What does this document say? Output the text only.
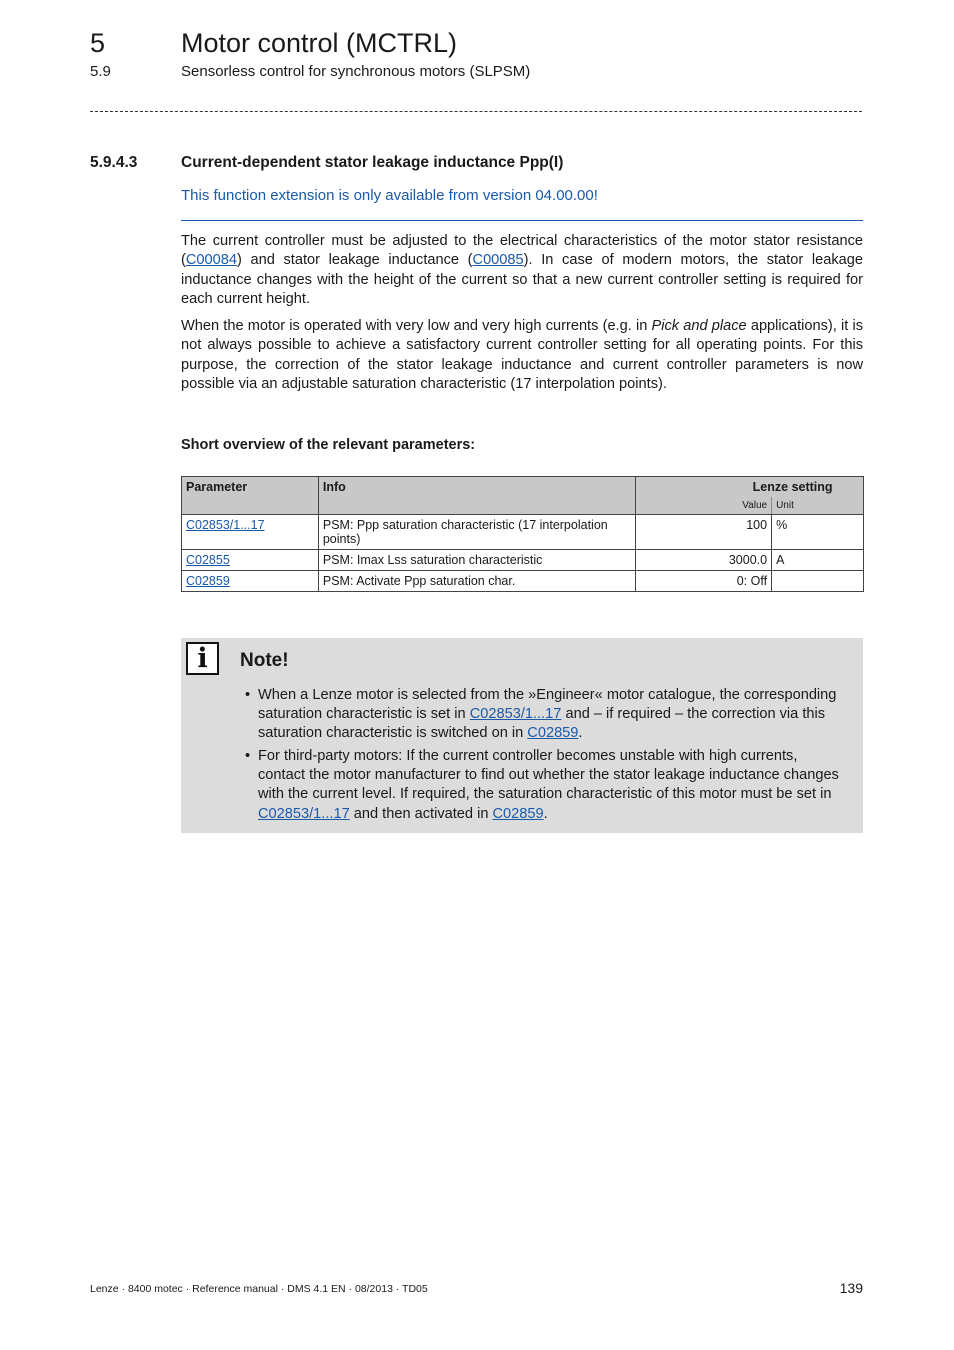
5	Motor control (MCTRL)
5.9	Sensorless control for synchronous motors (SLPSM)
5.9.4.3	Current-dependent stator leakage inductance Ppp(I)
This function extension is only available from version 04.00.00!
The current controller must be adjusted to the electrical characteristics of the motor stator resistance (C00084) and stator leakage inductance (C00085). In case of modern motors, the stator leakage inductance changes with the height of the current so that a new current controller setting is required for each current height.
When the motor is operated with very low and very high currents (e.g. in Pick and place applications), it is not always possible to achieve a satisfactory current controller setting for all operating points. For this purpose, the correction of the stator leakage inductance and current controller parameters is now possible via an adjustable saturation characteristic (17 interpolation points).
Short overview of the relevant parameters:
Parameter	Info	Lenze setting	
		Value	Unit
C02853/1...17	PSM: Ppp saturation characteristic (17 interpolation points)	100	%
C02855	PSM: Imax Lss saturation characteristic	3000.0	A
C02859	PSM: Activate Ppp saturation char.	0: Off	
i	Note!
• When a Lenze motor is selected from the »Engineer« motor catalogue, the corresponding saturation characteristic is set in C02853/1...17 and – if required – the correction via this saturation characteristic is switched on in C02859.
• For third-party motors: If the current controller becomes unstable with high currents, contact the motor manufacturer to find out whether the stator leakage inductance changes with the current level. If required, the saturation characteristic of this motor must be set in C02853/1...17 and then activated in C02859.
Lenze · 8400 motec · Reference manual · DMS 4.1 EN · 08/2013 · TD05	139
